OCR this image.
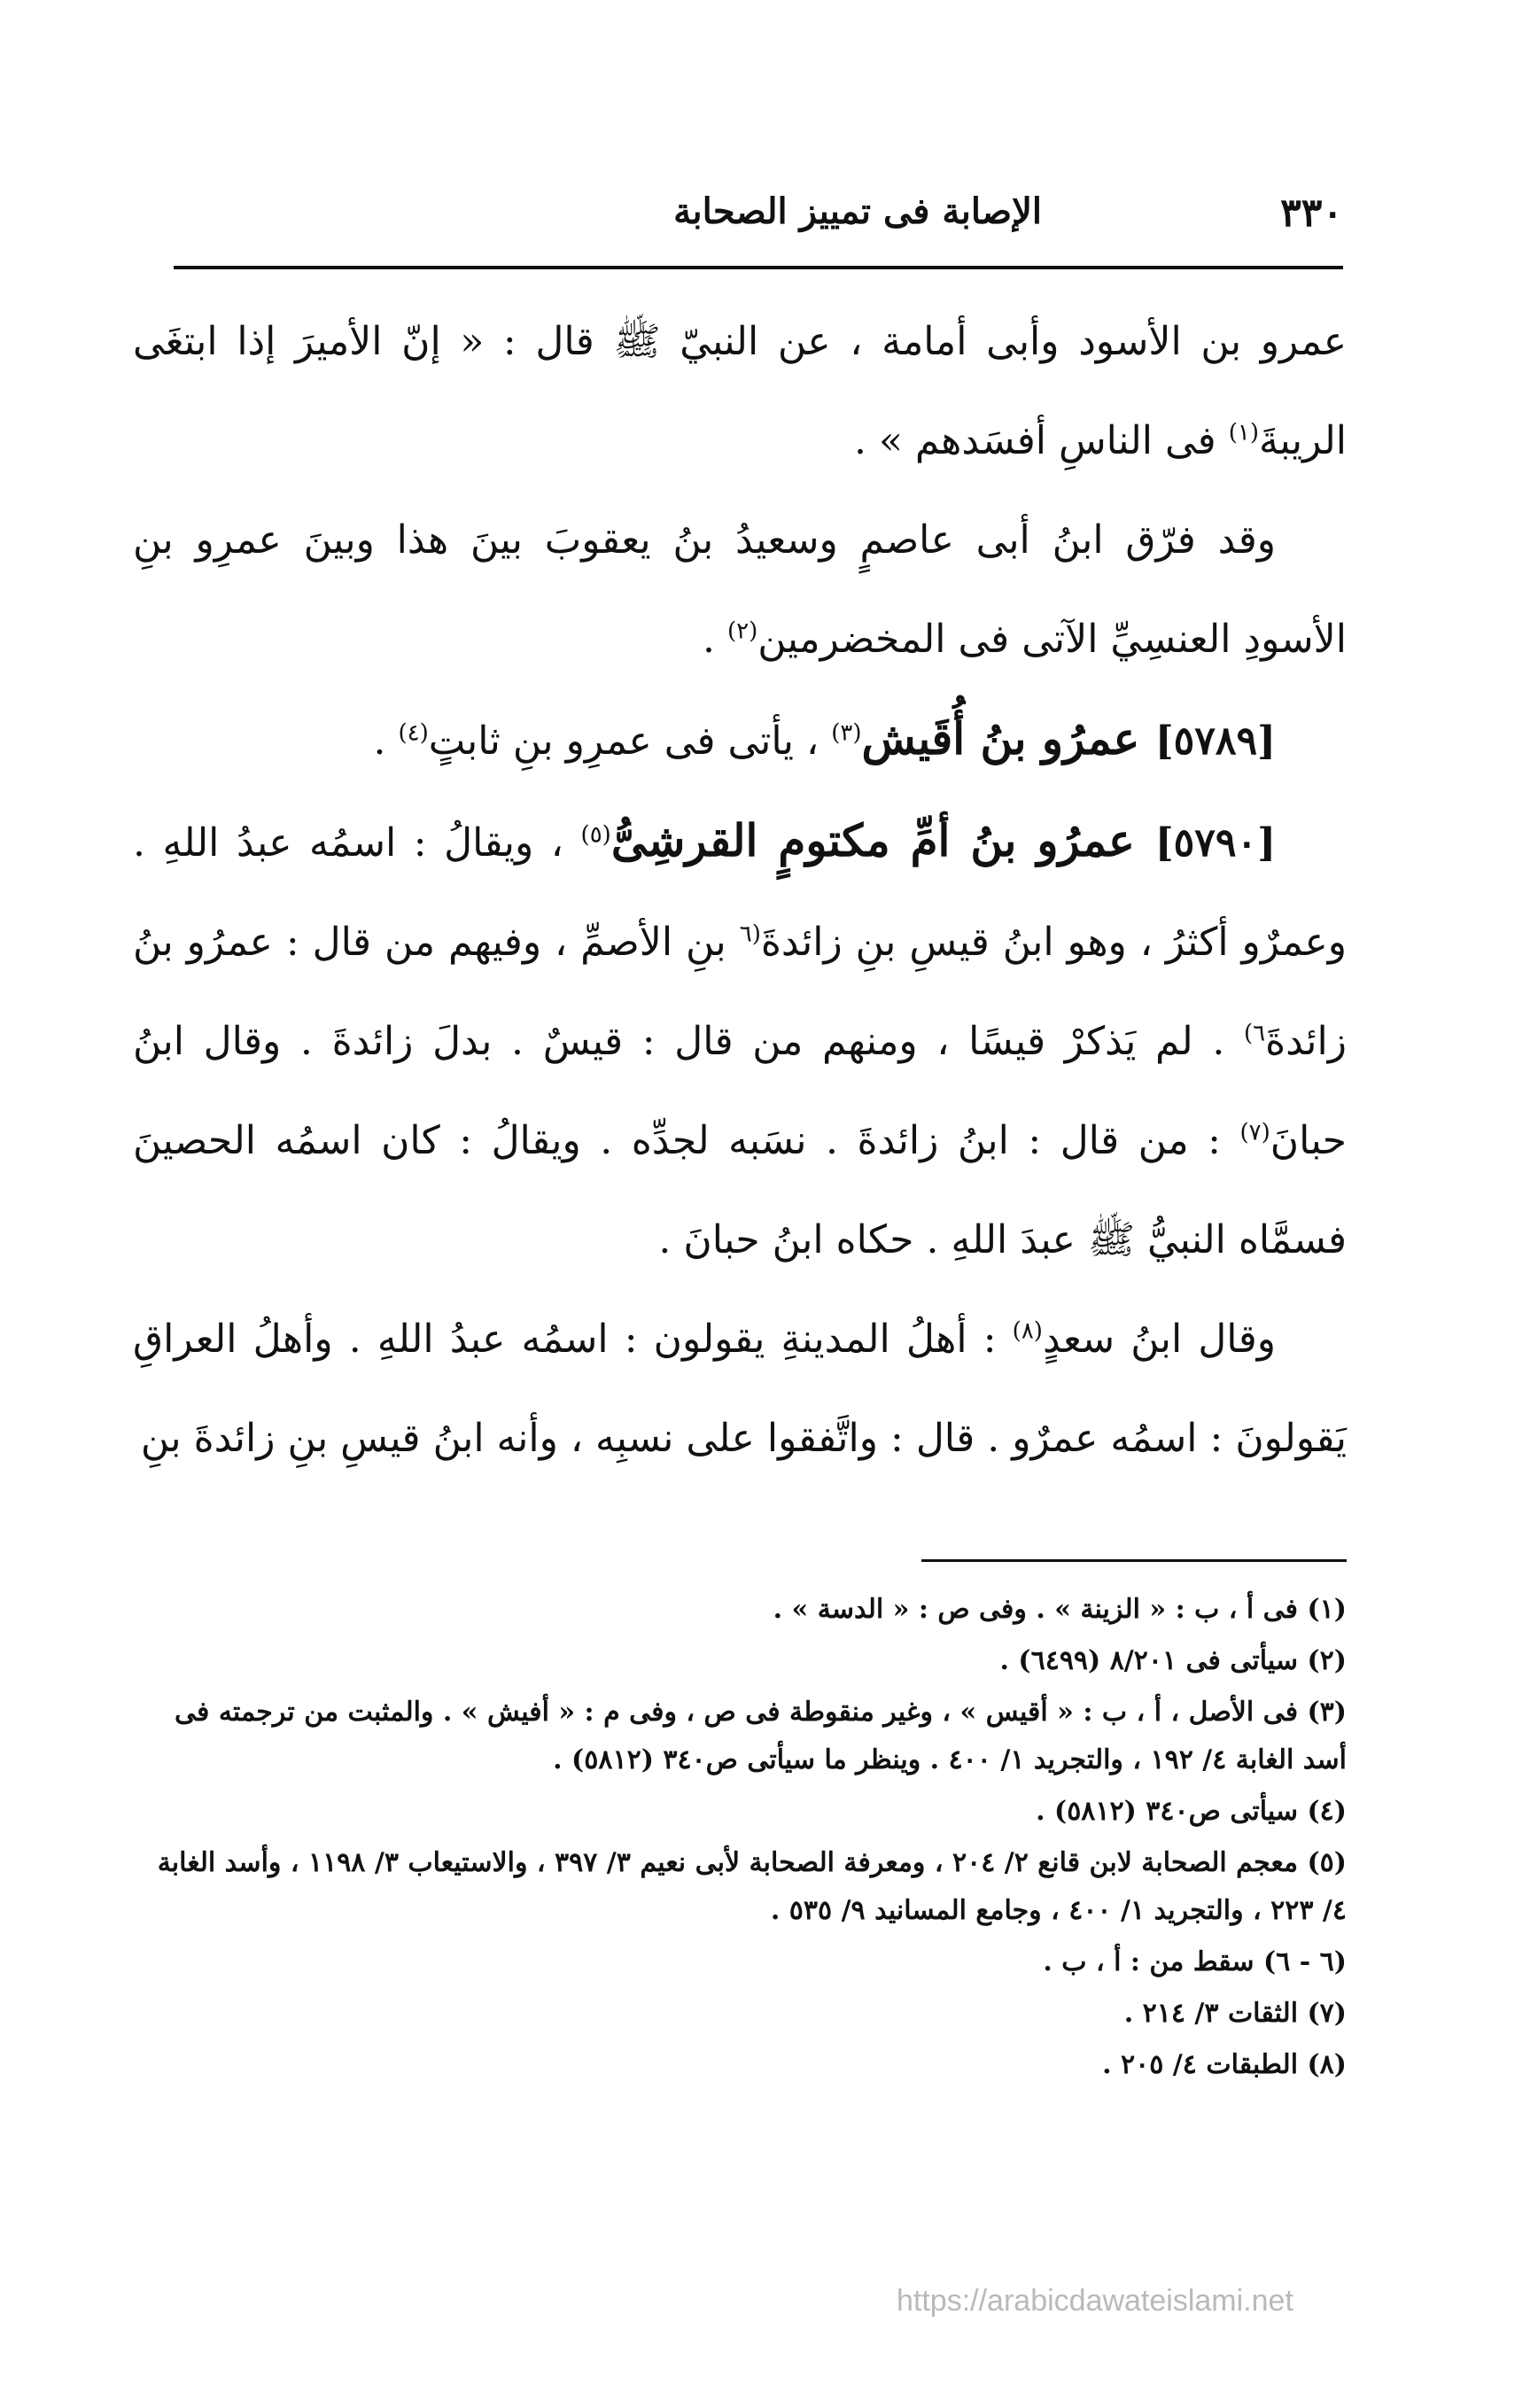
٣٣٠
الإصابة فى تمييز الصحابة

عمرو بن الأسود وأبى أمامة ، عن النبيّ ﷺ قال : « إنّ الأميرَ إذا ابتغَى الريبةَ$^{(١)}$ فى الناسِ أفسَدهم » .

وقد فرّق ابنُ أبى عاصمٍ وسعيدُ بنُ يعقوبَ بينَ هذا وبينَ عمرِو بنِ الأسودِ العنسِيِّ الآتى فى المخضرمين$^{(٢)}$ .

[٥٧٨٩] عمرُو بنُ أُقَيش$^{(٣)}$ ، يأتى فى عمرِو بنِ ثابتٍ$^{(٤)}$ .

[٥٧٩٠] عمرُو بنُ أمِّ مكتومٍ القرشِىُّ$^{(٥)}$ ، ويقالُ : اسمُه عبدُ اللهِ . وعمرٌو أكثرُ ، وهو ابنُ قيسِ بنِ زائدةَ$^{(٦}$ بنِ الأصمِّ ، وفيهم من قال : عمرُو بنُ زائدةَ$^{٦)}$ . لم يَذكرْ قيسًا ، ومنهم من قال : قيسٌ . بدلَ زائدةَ . وقال ابنُ حبانَ$^{(٧)}$ : من قال : ابنُ زائدةَ . نسَبه لجدِّه . ويقالُ : كان اسمُه الحصينَ فسمَّاه النبيُّ ﷺ عبدَ اللهِ . حكاه ابنُ حبانَ .

وقال ابنُ سعدٍ$^{(٨)}$ : أهلُ المدينةِ يقولون : اسمُه عبدُ اللهِ . وأهلُ العراقِ يَقولونَ : اسمُه عمرٌو . قال : واتَّفقوا على نسبِه ، وأنه ابنُ قيسِ بنِ زائدةَ بنِ

(١) فى أ ، ب : « الزينة » . وفى ص : « الدسة » .

(٢) سيأتى فى ٨/٢٠١ (٦٤٩٩) .

(٣) فى الأصل ، أ ، ب : « أقيس » ، وغير منقوطة فى ص ، وفى م : « أفيش » . والمثبت من ترجمته فى أسد الغابة ٤/ ١٩٢ ، والتجريد ١/ ٤٠٠ . وينظر ما سيأتى ص٣٤٠ (٥٨١٢) .

(٤) سيأتى ص٣٤٠ (٥٨١٢) .

(٥) معجم الصحابة لابن قانع ٢/ ٢٠٤ ، ومعرفة الصحابة لأبى نعيم ٣/ ٣٩٧ ، والاستيعاب ٣/ ١١٩٨ ، وأسد الغابة ٤/ ٢٢٣ ، والتجريد ١/ ٤٠٠ ، وجامع المسانيد ٩/ ٥٣٥ .

(٦ - ٦) سقط من : أ ، ب .

(٧) الثقات ٣/ ٢١٤ .

(٨) الطبقات ٤/ ٢٠٥ .

https://arabicdawateislami.net
